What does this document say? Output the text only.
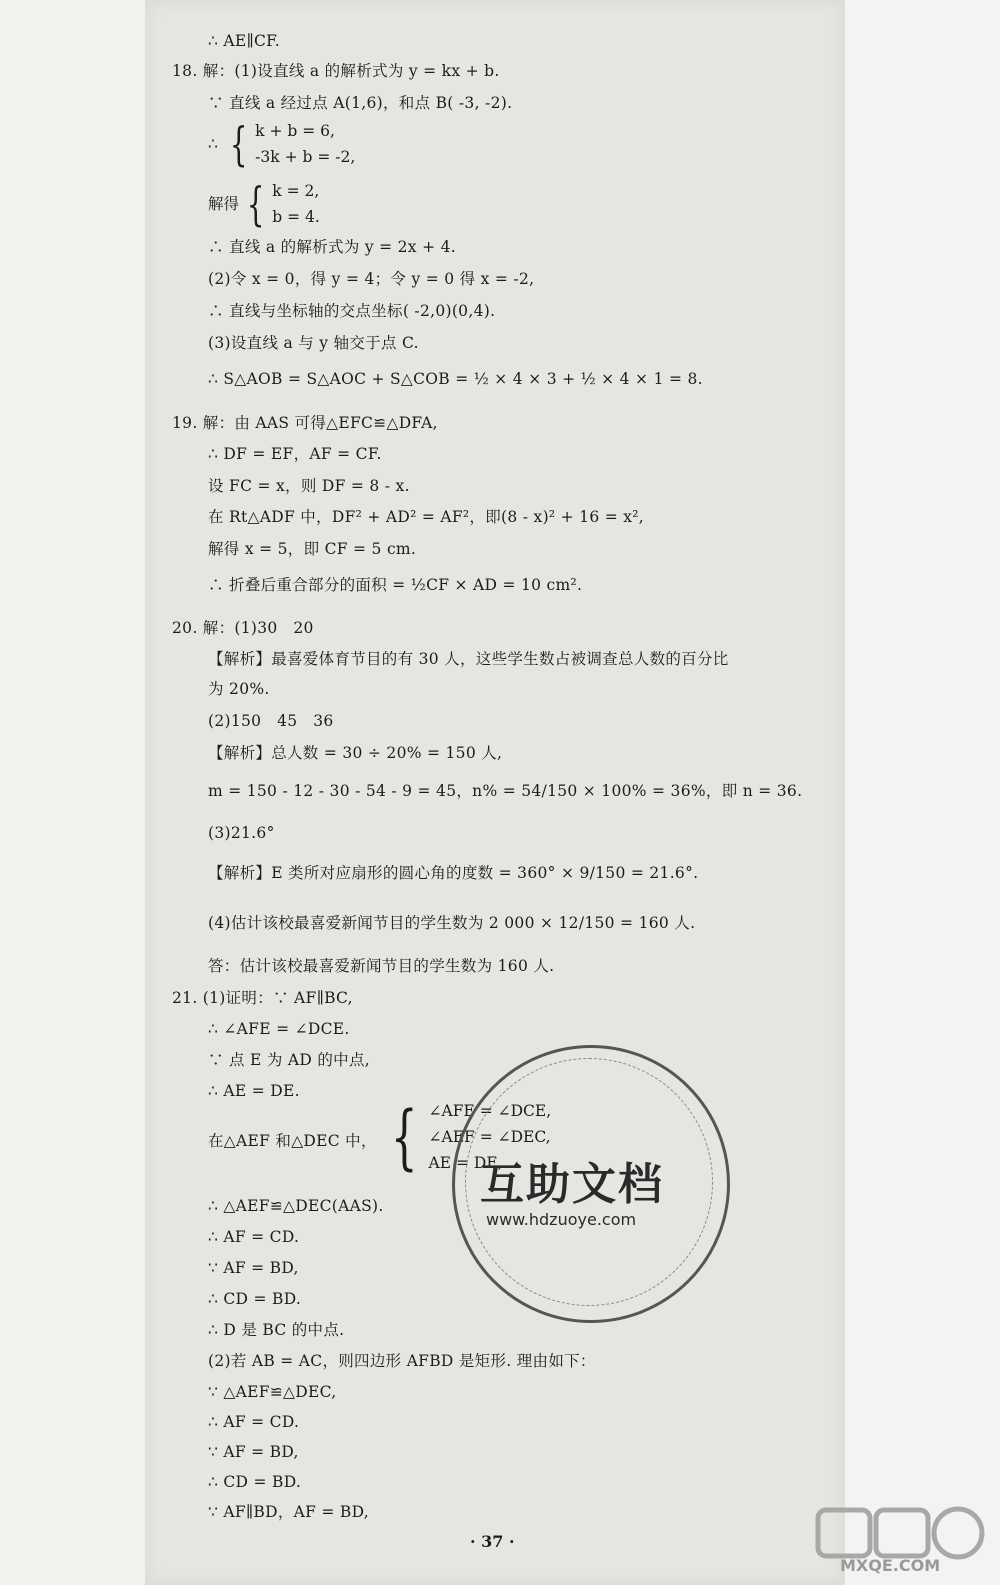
∴ AE∥CF.
18. 解：(1)设直线 a 的解析式为 y = kx + b.
∵ 直线 a 经过点 A(1,6)，和点 B( -3, -2).
∴ 直线 a 的解析式为 y = 2x + 4.
(2)令 x = 0，得 y = 4；令 y = 0 得 x = -2,
∴ 直线与坐标轴的交点坐标( -2,0)(0,4).
(3)设直线 a 与 y 轴交于点 C.
∴ S△AOB = S△AOC + S△COB = ½ × 4 × 3 + ½ × 4 × 1 = 8.
19. 解：由 AAS 可得△EFC≌△DFA,
∴ DF = EF，AF = CF.
设 FC = x，则 DF = 8 - x.
在 Rt△ADF 中，DF² + AD² = AF²，即(8 - x)² + 16 = x²,
解得 x = 5，即 CF = 5 cm.
∴ 折叠后重合部分的面积 = ½CF × AD = 10 cm².
20. 解：(1)30　20
【解析】最喜爱体育节目的有 30 人，这些学生数占被调查总人数的百分比
为 20%.
(2)150　45　36
【解析】总人数 = 30 ÷ 20% = 150 人,
m = 150 - 12 - 30 - 54 - 9 = 45，n% = 54/150 × 100% = 36%，即 n = 36.
(3)21.6°
【解析】E 类所对应扇形的圆心角的度数 = 360° × 9/150 = 21.6°.
(4)估计该校最喜爱新闻节目的学生数为 2 000 × 12/150 = 160 人.
答：估计该校最喜爱新闻节目的学生数为 160 人.
21. (1)证明：∵ AF∥BC,
∴ ∠AFE = ∠DCE.
∵ 点 E 为 AD 的中点,
∴ AE = DE.
在△AEF 和△DEC 中，
∴ △AEF≌△DEC(AAS).
∴ AF = CD.
∵ AF = BD,
∴ CD = BD.
∴ D 是 BC 的中点.
(2)若 AB = AC，则四边形 AFBD 是矩形. 理由如下：
∵ △AEF≌△DEC,
∴ AF = CD.
∵ AF = BD,
∴ CD = BD.
∵ AF∥BD，AF = BD,
∴ { k + b = 6,
-3k + b = -2,
解得 { k = 2,
b = 4.
{ ∠AFE = ∠DCE,
∠AEF = ∠DEC,
AE = DE,
互助文档
www.hdzuoye.com
· 37 ·
MXQE.COM
